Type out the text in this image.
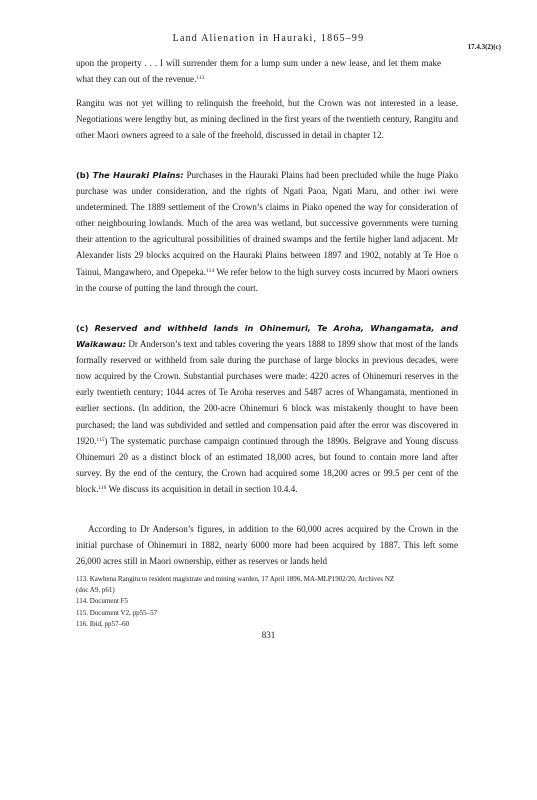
Land Alienation in Hauraki, 1865–99
17.4.3(2)(c)

upon the property . . . I will surrender them for a lump sum under a new lease, and let them make what they can out of the revenue.$^{113}$

Rangitu was not yet willing to relinquish the freehold, but the Crown was not interested in a lease. Negotiations were lengthy but, as mining declined in the first years of the twentieth century, Rangitu and other Maori owners agreed to a sale of the freehold, discussed in detail in chapter 12.

(b) The Hauraki Plains: Purchases in the Hauraki Plains had been precluded while the huge Piako purchase was under consideration, and the rights of Ngati Paoa, Ngati Maru, and other iwi were undetermined. The 1889 settlement of the Crown’s claims in Piako opened the way for consideration of other neighbouring lowlands. Much of the area was wetland, but successive governments were turning their attention to the agricultural possibilities of drained swamps and the fertile higher land adjacent. Mr Alexander lists 29 blocks acquired on the Hauraki Plains between 1897 and 1902, notably at Te Hoe o Tainui, Mangawhero, and Opepeka.$^{114}$ We refer below to the high survey costs incurred by Maori owners in the course of putting the land through the court.

(c) Reserved and withheld lands in Ohinemuri, Te Aroha, Whangamata, and Waikawau: Dr Anderson’s text and tables covering the years 1888 to 1899 show that most of the lands formally reserved or withheld from sale during the purchase of large blocks in previous decades, were now acquired by the Crown. Substantial purchases were made: 4220 acres of Ohinemuri reserves in the early twentieth century; 1044 acres of Te Aroha reserves and 5487 acres of Whangamata, mentioned in earlier sections. (In addition, the 200-acre Ohinemuri 6 block was mistakenly thought to have been purchased; the land was subdivided and settled and compensation paid after the error was discovered in 1920.$^{115}$) The systematic purchase campaign continued through the 1890s. Belgrave and Young discuss Ohinemuri 20 as a distinct block of an estimated 18,000 acres, but found to contain more land after survey. By the end of the century, the Crown had acquired some 18,200 acres or 99.5 per cent of the block.$^{116}$ We discuss its acquisition in detail in section 10.4.4.

According to Dr Anderson’s figures, in addition to the 60,000 acres acquired by the Crown in the initial purchase of Ohinemuri in 1882, nearly 6000 more had been acquired by 1887. This left some 26,000 acres still in Maori ownership, either as reserves or lands held

113. Kawhena Rangitu to resident magistrate and mining warden, 17 April 1896, MA-MLP1902/20, Archives NZ

(doc A9, p61)

114. Document F5

115. Document V2, pp55–57

116. Ibid, pp57–60

831
